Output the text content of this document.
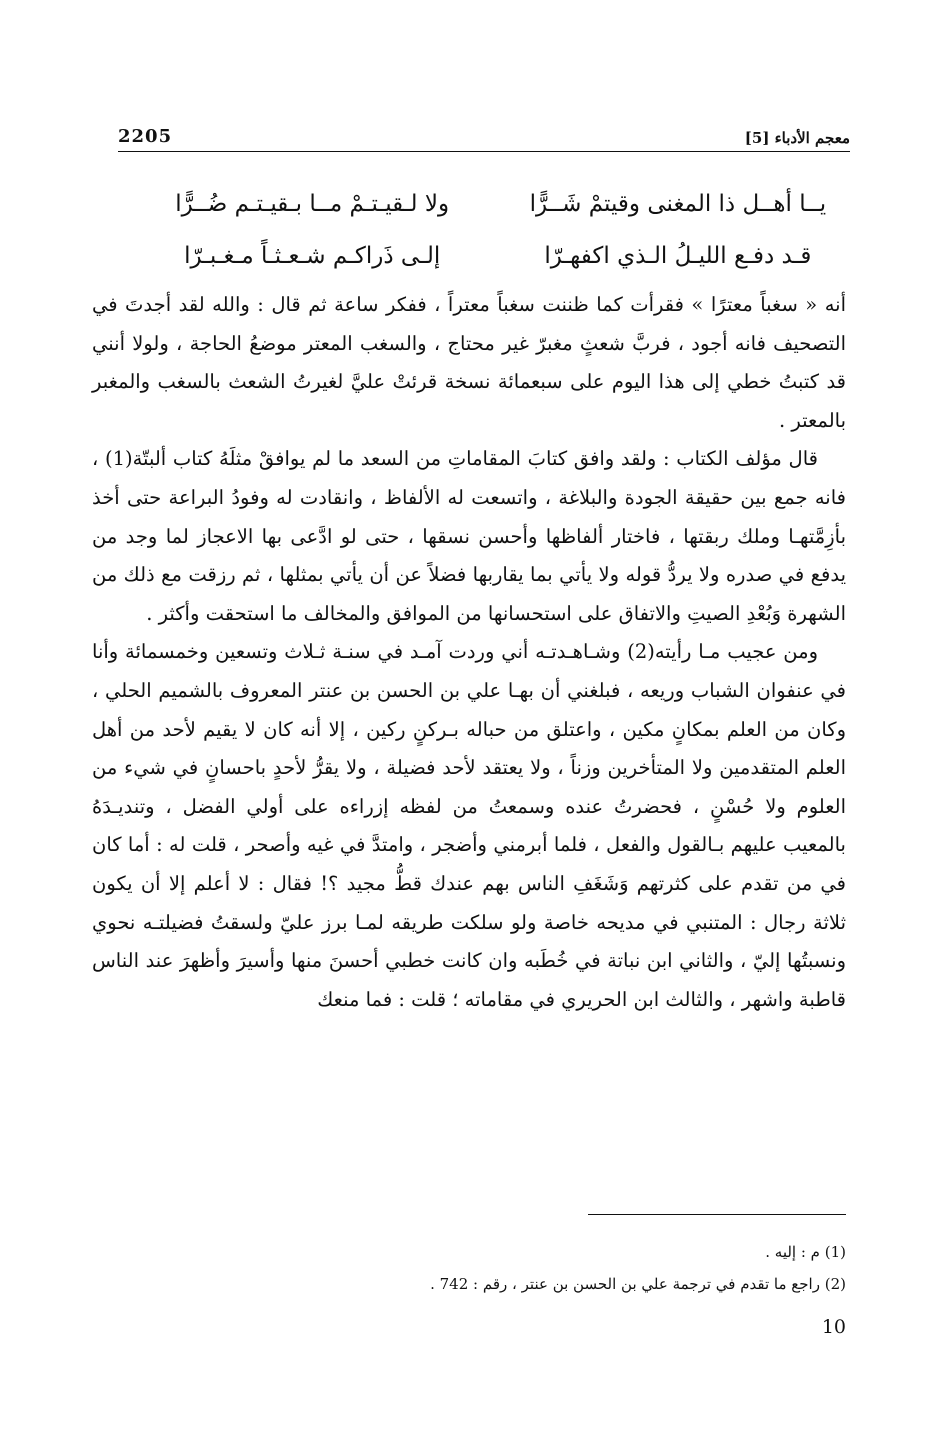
معجم الأدباء [5]
2205
يــا أهــل ذا المغنى وقيتمْ شَــرًّا
ولا لـقيـتـمْ مــا بـقيـتـم ضُــرًّا
قـد دفـع الليـلُ الـذي اكفهـرّا
إلـى ذَراكـم شـعـثـاً مـغـبـرّا

أنه « سغباً معترًا » فقرأت كما ظننت سغباً معتراً ، ففكر ساعة ثم قال : والله لقد أجدتَ في التصحيف فانه أجود ، فربَّ شعثٍ مغبرّ غير محتاج ، والسغب المعتر موضعُ الحاجة ، ولولا أنني قد كتبتُ خطي إلى هذا اليوم على سبعمائة نسخة قرئتْ عليَّ لغيرتُ الشعث بالسغب والمغبر بالمعتر .

قال مؤلف الكتاب : ولقد وافق كتابَ المقاماتِ من السعد ما لم يوافقْ مثلَهُ كتاب ألبتّة(1) ، فانه جمع بين حقيقة الجودة والبلاغة ، واتسعت له الألفاظ ، وانقادت له وفودُ البراعة حتى أخذ بأزِمَّتهـا وملك ربقتها ، فاختار ألفاظها وأحسن نسقها ، حتى لو ادَّعى بها الاعجاز لما وجد من يدفع في صدره ولا يردُّ قوله ولا يأتي بما يقاربها فضلاً عن أن يأتي بمثلها ، ثم رزقت مع ذلك من الشهرة وَبُعْدِ الصيتِ والاتفاق على استحسانها من الموافق والمخالف ما استحقت وأكثر .

ومن عجيب مـا رأيته(2) وشـاهـدتـه أني وردت آمـد في سنـة ثـلاث وتسعين وخمسمائة وأنا في عنفوان الشباب وريعه ، فبلغني أن بهـا علي بن الحسن بن عنتر المعروف بالشميم الحلي ، وكان من العلم بمكانٍ مكين ، واعتلق من حباله بـركنٍ ركين ، إلا أنه كان لا يقيم لأحد من أهل العلم المتقدمين ولا المتأخرين وزناً ، ولا يعتقد لأحد فضيلة ، ولا يقرُّ لأحدٍ باحسانٍ في شيء من العلوم ولا حُسْنٍ ، فحضرتُ عنده وسمعتُ من لفظه إزراءه على أولي الفضل ، وتنديـدَهُ بالمعيب عليهم بـالقول والفعل ، فلما أبرمني وأضجر ، وامتدَّ في غيه وأصحر ، قلت له : أما كان في من تقدم على كثرتهم وَشَغَفِ الناس بهم عندك قطُّ مجيد ؟! فقال : لا أعلم إلا أن يكون ثلاثة رجال : المتنبي في مديحه خاصة ولو سلكت طريقه لمـا برز عليّ ولسقتُ فضيلتـه نحوي ونسبتُها إليّ ، والثاني ابن نباتة في خُطَبه وان كانت خطبي أحسنَ منها وأسيرَ وأظهرَ عند الناس قاطبة واشهر ، والثالث ابن الحريري في مقاماته ؛ قلت : فما منعك

(1) م : إليه .

(2) راجع ما تقدم في ترجمة علي بن الحسن بن عنتر ، رقم : 742 .

10
